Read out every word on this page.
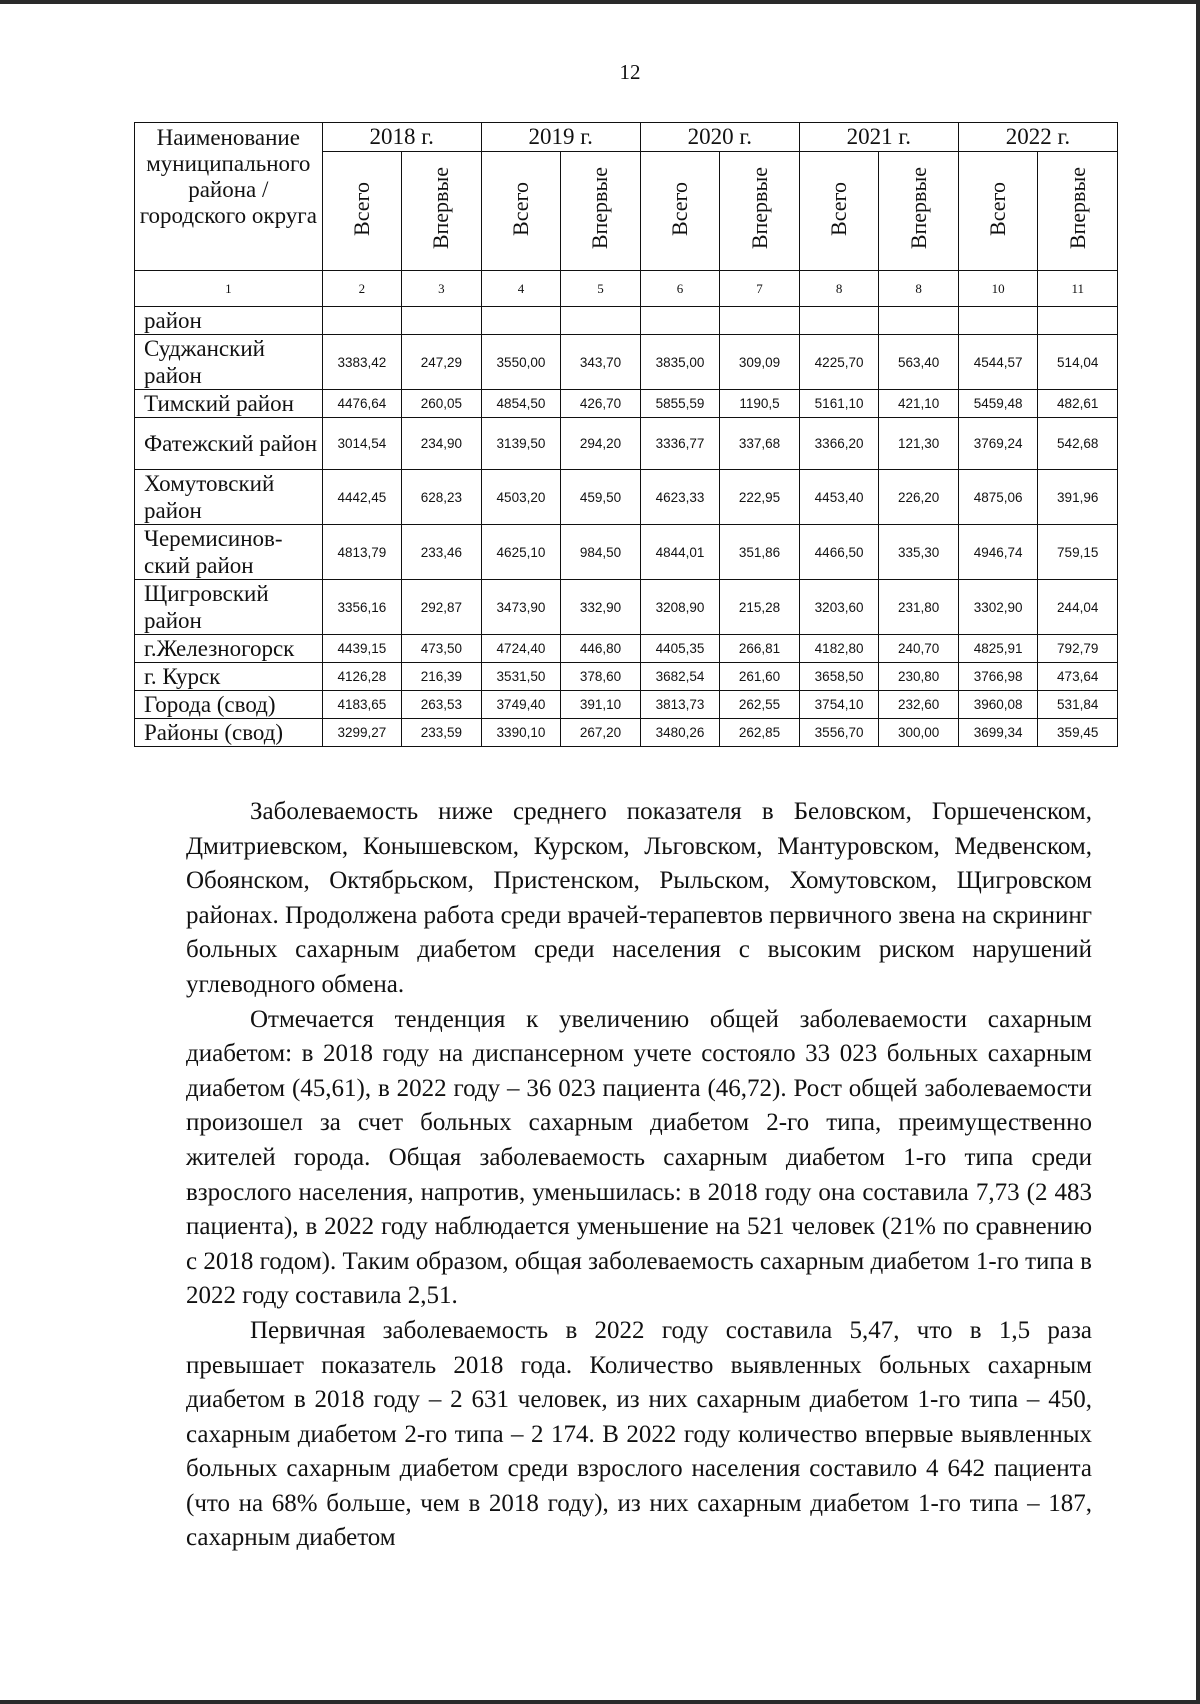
12
Наименование муниципального района / городского округа	2018 г.		2019 г.		2020 г.		2021 г.		2022 г.	
	Всего	Впервые	Всего	Впервые	Всего	Впервые	Всего	Впервые	Всего	Впервые
1	2	3	4	5	6	7	8	8	10	11
район										
Суджанский район	3383,42	247,29	3550,00	343,70	3835,00	309,09	4225,70	563,40	4544,57	514,04
Тимский район	4476,64	260,05	4854,50	426,70	5855,59	1190,5	5161,10	421,10	5459,48	482,61
Фатежский район	3014,54	234,90	3139,50	294,20	3336,77	337,68	3366,20	121,30	3769,24	542,68
Хомутовский район	4442,45	628,23	4503,20	459,50	4623,33	222,95	4453,40	226,20	4875,06	391,96
Черемисинов-ский район	4813,79	233,46	4625,10	984,50	4844,01	351,86	4466,50	335,30	4946,74	759,15
Щигровский район	3356,16	292,87	3473,90	332,90	3208,90	215,28	3203,60	231,80	3302,90	244,04
г.Железногорск	4439,15	473,50	4724,40	446,80	4405,35	266,81	4182,80	240,70	4825,91	792,79
г. Курск	4126,28	216,39	3531,50	378,60	3682,54	261,60	3658,50	230,80	3766,98	473,64
Города (свод)	4183,65	263,53	3749,40	391,10	3813,73	262,55	3754,10	232,60	3960,08	531,84
Районы (свод)	3299,27	233,59	3390,10	267,20	3480,26	262,85	3556,70	300,00	3699,34	359,45

Заболеваемость ниже среднего показателя в Беловском, Горшеченском, Дмитриевском, Конышевском, Курском, Льговском, Мантуровском, Медвенском, Обоянском, Октябрьском, Пристенском, Рыльском, Хомутовском, Щигровском районах. Продолжена работа среди врачей-терапевтов первичного звена на скрининг больных сахарным диабетом среди населения с высоким риском нарушений углеводного обмена.

Отмечается тенденция к увеличению общей заболеваемости сахарным диабетом: в 2018 году на диспансерном учете состояло 33 023 больных сахарным диабетом (45,61), в 2022 году – 36 023 пациента (46,72). Рост общей заболеваемости произошел за счет больных сахарным диабетом 2-го типа, преимущественно жителей города. Общая заболеваемость сахарным диабетом 1-го типа среди взрослого населения, напротив, уменьшилась: в 2018 году она составила 7,73 (2 483 пациента), в 2022 году наблюдается уменьшение на 521 человек (21% по сравнению с 2018 годом). Таким образом, общая заболеваемость сахарным диабетом 1-го типа в 2022 году составила 2,51.

Первичная заболеваемость в 2022 году составила 5,47, что в 1,5 раза превышает показатель 2018 года. Количество выявленных больных сахарным диабетом в 2018 году – 2 631 человек, из них сахарным диабетом 1-го типа – 450, сахарным диабетом 2-го типа – 2 174. В 2022 году количество впервые выявленных больных сахарным диабетом среди взрослого населения составило 4 642 пациента (что на 68% больше, чем в 2018 году), из них сахарным диабетом 1-го типа – 187, сахарным диабетом
